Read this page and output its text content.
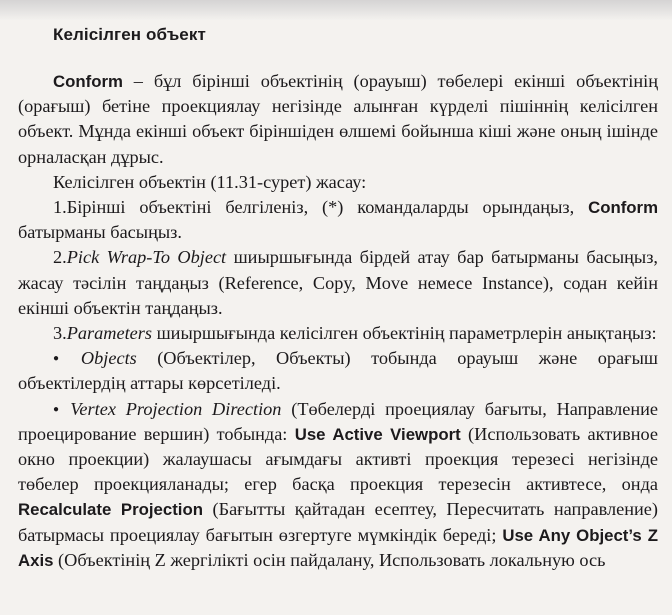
Келісілген объект

Conform – бұл бірінші объектінің (орауыш) төбелері екінші объектінің (орағыш) бетіне проекциялау негізінде алынған күрделі пішіннің келісілген объект. Мұнда екінші объект біріншіден өлшемі бойынша кіші және оның ішінде орналасқан дұрыс.

Келісілген объектін (11.31-сурет) жасау:

1.Бірінші объектіні белгіленіз, (*) командаларды орындаңыз, Conform батырманы басыңыз.

2.Pick Wrap-To Object шиыршығында бірдей атау бар батырманы басыңыз, жасау тәсілін таңдаңыз (Reference, Copy, Move немесе Instance), содан кейін екінші объектін таңдаңыз.

3.Parameters шиыршығында келісілген объектінің параметрлерін анықтаңыз:

● Objects (Объектілер, Объекты) тобында орауыш және орағыш объектілердің аттары көрсетіледі.

● Vertex Projection Direction (Төбелерді проециялау бағыты, Направление проецирование вершин) тобында: Use Active Viewport (Использовать активное окно проекции) жалаушасы ағымдағы активті проекция терезесі негізінде төбелер проекцияланады; егер басқа проекция терезесін активтесе, онда Recalculate Projection (Бағытты қайтадан есептеу, Пересчитать направление) батырмасы проециялау бағытын өзгертуге мүмкіндік береді; Use Any Object’s Z Axis (Объектінің Z жергілікті осін пайдалану, Использовать локальную ось
